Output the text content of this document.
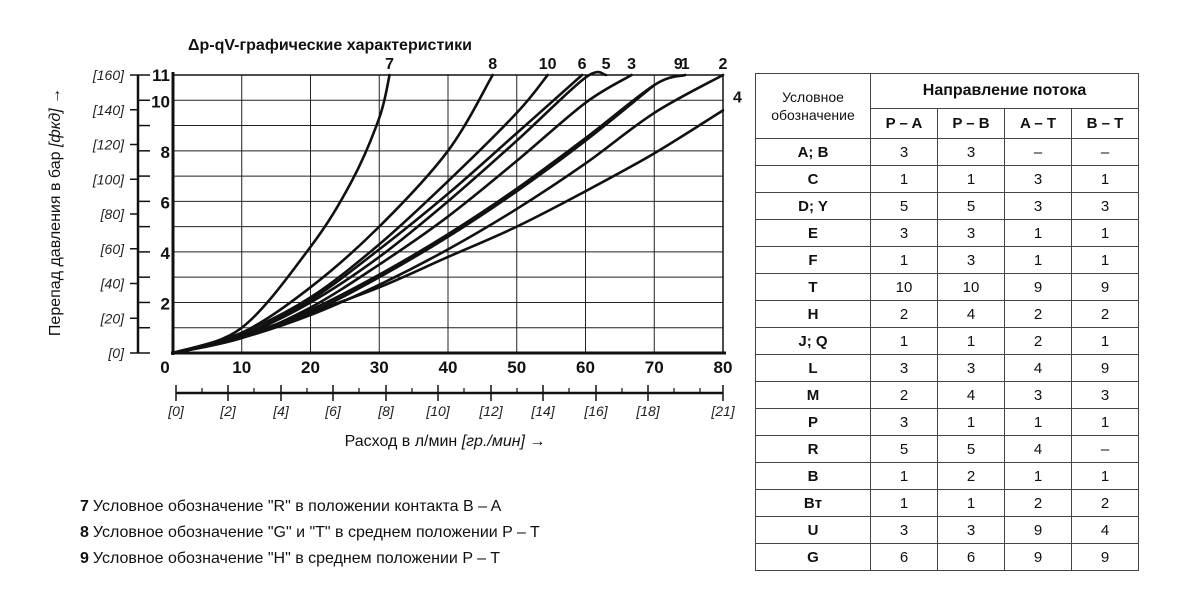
Δp-qV-графические характеристики
[0]
[20]
[40]
[60]
[80]
[100]
[120]
[140]
[160]
2
4
6
8
10
11
0	10	20	30	40	50	60	70	80
[0]	[2]	[4]	[6]	[8] [10] [12] [14] [16] [18]	[21]
1 2
3
4
5
6
8	9
10
7
Расход в л/мин [гр./мин] →
Перепад давления в бар [фкд] →
7 Условное обозначение "R" в положении контакта B – A
8 Условное обозначение "G" и "T" в среднем положении P – T
9 Условное обозначение "H" в среднем положении P – T
Условное обозначение	Направление потока			
	P – A	P – B	A – T	B – T
A; B	3	3	–	–
C	1	1	3	1
D; Y	5	5	3	3
E	3	3	1	1
F	1	3	1	1
T	10	10	9	9
H	2	4	2	2
J; Q	1	1	2	1
L	3	3	4	9
M	2	4	3	3
P	3	1	1	1
R	5	5	4	–
B	1	2	1	1
Bт	1	1	2	2
U	3	3	9	4
G	6	6	9	9
